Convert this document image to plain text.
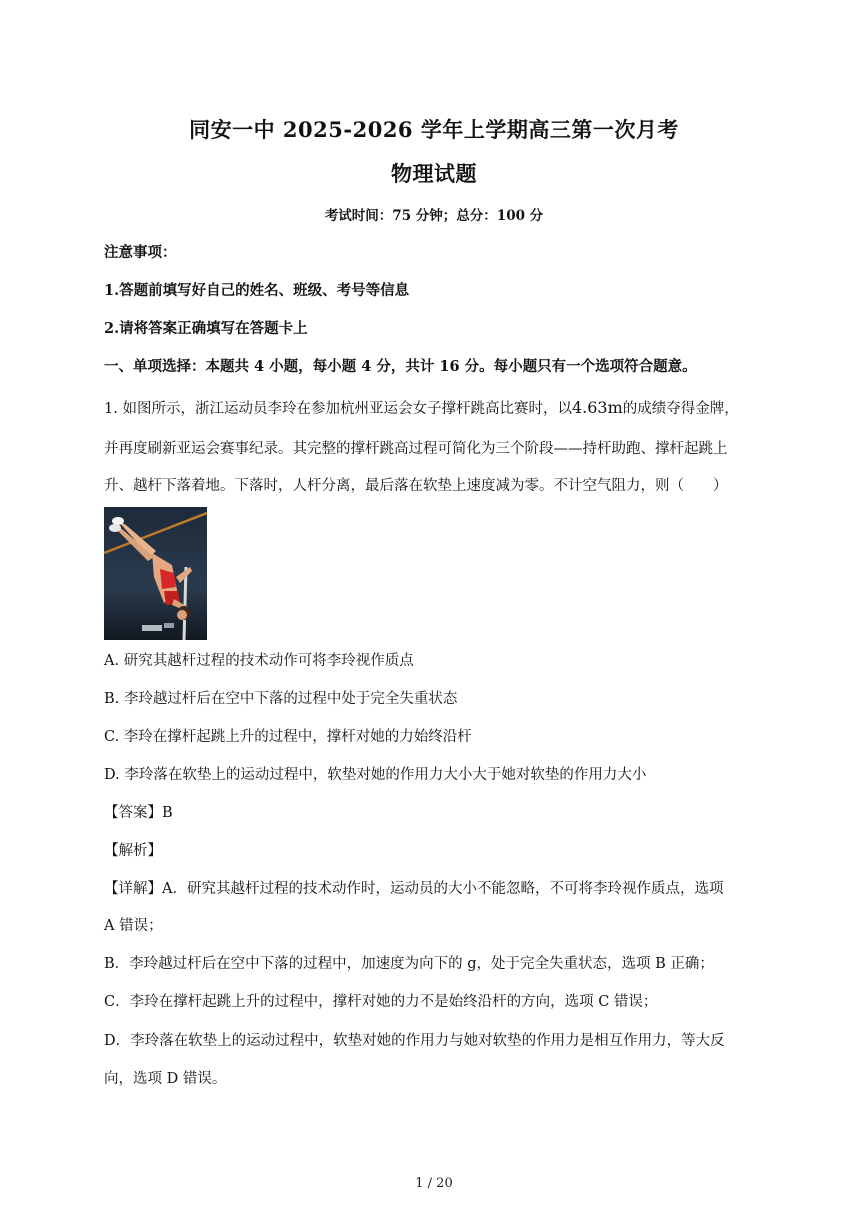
同安一中 2025-2026 学年上学期高三第一次月考
物理试题
考试时间：75 分钟；总分：100 分
注意事项：
1.答题前填写好自己的姓名、班级、考号等信息
2.请将答案正确填写在答题卡上
一、单项选择：本题共 4 小题，每小题 4 分，共计 16 分。每小题只有一个选项符合题意。
1. 如图所示，浙江运动员李玲在参加杭州亚运会女子撑杆跳高比赛时，以4.63m的成绩夺得金牌，
并再度刷新亚运会赛事纪录。其完整的撑杆跳高过程可简化为三个阶段——持杆助跑、撑杆起跳上
升、越杆下落着地。下落时，人杆分离，最后落在软垫上速度减为零。不计空气阻力，则（　　）
A. 研究其越杆过程的技术动作可将李玲视作质点
B. 李玲越过杆后在空中下落的过程中处于完全失重状态
C. 李玲在撑杆起跳上升的过程中，撑杆对她的力始终沿杆
D. 李玲落在软垫上的运动过程中，软垫对她的作用力大小大于她对软垫的作用力大小
【答案】B
【解析】
【详解】A．研究其越杆过程的技术动作时，运动员的大小不能忽略，不可将李玲视作质点，选项
A 错误；
B．李玲越过杆后在空中下落的过程中，加速度为向下的 g，处于完全失重状态，选项 B 正确；
C．李玲在撑杆起跳上升的过程中，撑杆对她的力不是始终沿杆的方向，选项 C 错误；
D．李玲落在软垫上的运动过程中，软垫对她的作用力与她对软垫的作用力是相互作用力，等大反
向，选项 D 错误。
1 / 20
